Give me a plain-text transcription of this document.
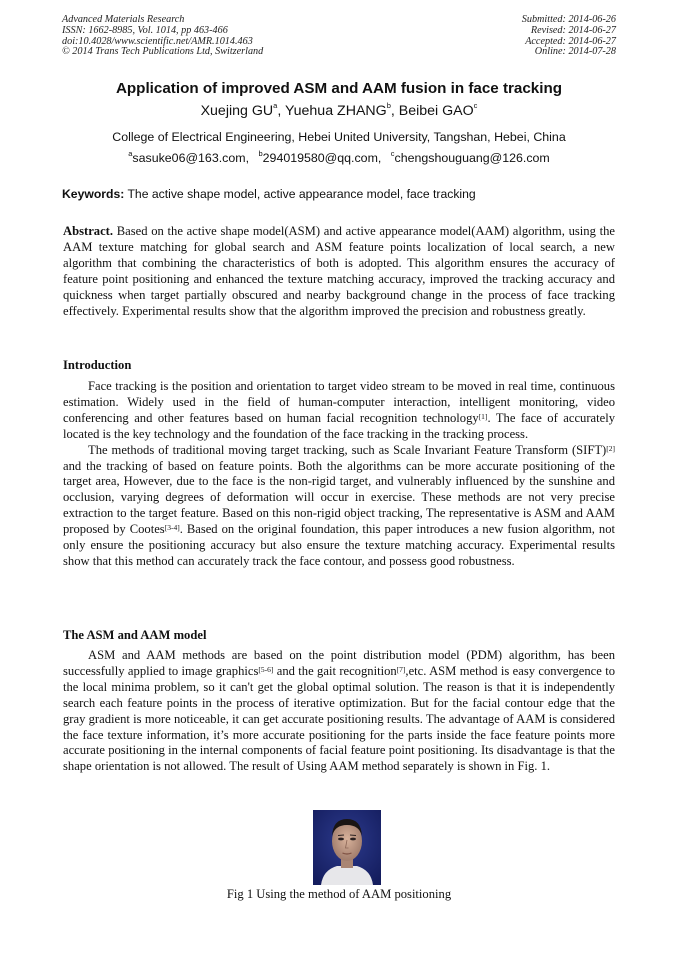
Advanced Materials Research
ISSN: 1662-8985, Vol. 1014, pp 463-466
doi:10.4028/www.scientific.net/AMR.1014.463
© 2014 Trans Tech Publications Ltd, Switzerland
Submitted: 2014-06-26
Revised: 2014-06-27
Accepted: 2014-06-27
Online: 2014-07-28
Application of improved ASM and AAM fusion in face tracking
Xuejing $GU^a$, Yuehua ZHANG$^b$, Beibei GAO$^c$
College of Electrical Engineering, Hebei United University, Tangshan, Hebei, China
$^a$sasuke06@163.com, $^b$294019580@qq.com, $^c$chengshouguang@126.com
Keywords: The active shape model, active appearance model, face tracking

Abstract. Based on the active shape model(ASM) and active appearance model(AAM) algorithm, using the AAM texture matching for global search and ASM feature points localization of local search, a new algorithm that combining the characteristics of both is adopted. This algorithm ensures the accuracy of feature point positioning and enhanced the texture matching accuracy, improved the tracking accuracy and quickness when target partially obscured and nearby background change in the process of face tracking effectively. Experimental results show that the algorithm improved the precision and robustness greatly.

Introduction

Face tracking is the position and orientation to target video stream to be moved in real time, continuous estimation. Widely used in the field of human-computer interaction, intelligent monitoring, video conferencing and other features based on human facial recognition technology[1]. The face of accurately located is the key technology and the foundation of the face tracking in the tracking process.

The methods of traditional moving target tracking, such as Scale Invariant Feature Transform (SIFT)[2] and the tracking of based on feature points. Both the algorithms can be more accurate positioning of the target area, However, due to the face is the non-rigid target, and vulnerably influenced by the sunshine and occlusion, varying degrees of deformation will occur in exercise. These methods are not very precise extraction to the target feature. Based on this non-rigid object tracking, The representative is ASM and AAM proposed by Cootes[3-4]. Based on the original foundation, this paper introduces a new fusion algorithm, not only ensure the positioning accuracy but also ensure the texture matching accuracy. Experimental results show that this method can accurately track the face contour, and possess good robustness.

The ASM and AAM model

ASM and AAM methods are based on the point distribution model (PDM) algorithm, has been successfully applied to image graphics[5-6] and the gait recognition[7],etc. ASM method is easy convergence to the local minima problem, so it can't get the global optimal solution. The reason is that it is independently search each feature points in the process of iterative optimization. But for the facial contour edge that the gray gradient is more noticeable, it can get accurate positioning results. The advantage of AAM is considered the face texture information, it’s more accurate positioning for the parts inside the face feature points more accurate positioning in the internal components of facial feature point positioning. Its disadvantage is that the shape orientation is not allowed. The result of Using AAM method separately is shown in Fig. 1.

Fig 1 Using the method of AAM positioning
